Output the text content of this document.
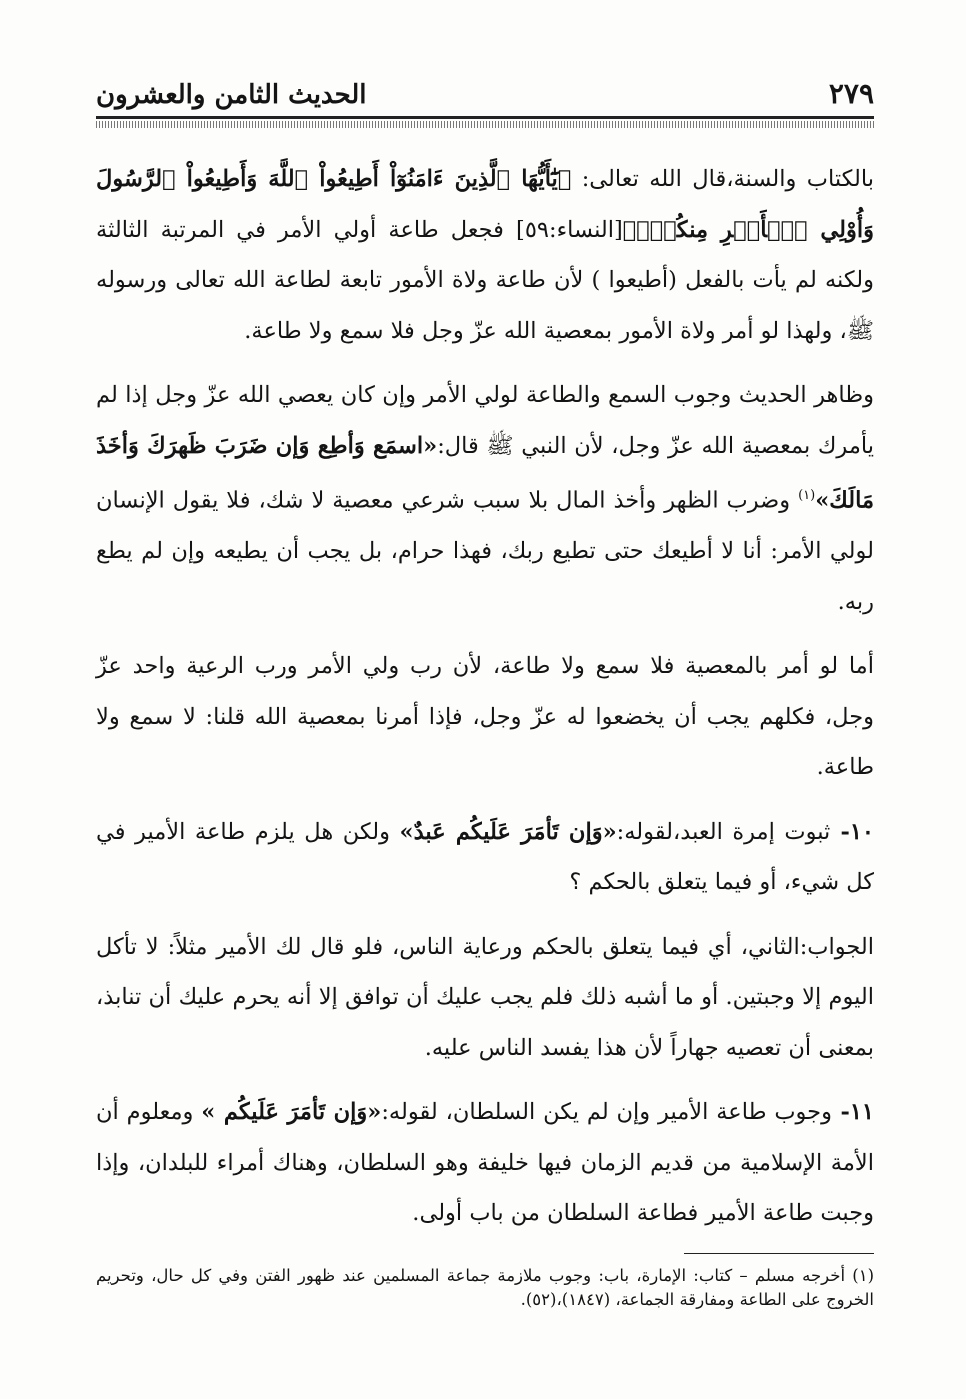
٢٧٩
الحديث الثامن والعشرون

بالكتاب والسنة،قال الله تعالى: ﴿يَٰٓأَيُّهَا ٱلَّذِينَ ءَامَنُوٓاْ أَطِيعُواْ ٱللَّهَ وَأَطِيعُواْ ٱلرَّسُولَ وَأُوْلِي ٱلۡأَمۡرِ مِنكُمۡۖ﴾[النساء:٥٩] فجعل طاعة أولي الأمر في المرتبة الثالثة ولكنه لم يأت بالفعل (أطيعوا ) لأن طاعة ولاة الأمور تابعة لطاعة الله تعالى ورسوله ﷺ، ولهذا لو أمر ولاة الأمور بمعصية الله عزّ وجل فلا سمع ولا طاعة.

وظاهر الحديث وجوب السمع والطاعة لولي الأمر وإن كان يعصي الله عزّ وجل إذا لم يأمرك بمعصية الله عزّ وجل، لأن النبي ﷺ قال:«اسمَع وَأطِع وَإن ضَرَبَ ظَهرَكَ وَأخَذَ مَالَكَ»$^{(١)}$ وضرب الظهر وأخذ المال بلا سبب شرعي معصية لا شك، فلا يقول الإنسان لولي الأمر: أنا لا أطيعك حتى تطيع ربك، فهذا حرام، بل يجب أن يطيعه وإن لم يطع ربه.

أما لو أمر بالمعصية فلا سمع ولا طاعة، لأن رب ولي الأمر ورب الرعية واحد عزّ وجل، فكلهم يجب أن يخضعوا له عزّ وجل، فإذا أمرنا بمعصية الله قلنا: لا سمع ولا طاعة.

١٠- ثبوت إمرة العبد،لقوله:«وَإن تَأمَرَ عَلَيكُم عَبدٌ» ولكن هل يلزم طاعة الأمير في كل شيء، أو فيما يتعلق بالحكم ؟

الجواب:الثاني، أي فيما يتعلق بالحكم ورعاية الناس، فلو قال لك الأمير مثلاً: لا تأكل اليوم إلا وجبتين. أو ما أشبه ذلك فلم يجب عليك أن توافق إلا أنه يحرم عليك أن تنابذ، بمعنى أن تعصيه جهاراً لأن هذا يفسد الناس عليه.

١١- وجوب طاعة الأمير وإن لم يكن السلطان، لقوله:«وَإن تَأمَرَ عَلَيكُم » ومعلوم أن الأمة الإسلامية من قديم الزمان فيها خليفة وهو السلطان، وهناك أمراء للبلدان، وإذا وجبت طاعة الأمير فطاعة السلطان من باب أولى.

(١) أخرجه مسلم – كتاب: الإمارة، باب: وجوب ملازمة جماعة المسلمين عند ظهور الفتن وفي كل حال، وتحريم الخروج على الطاعة ومفارقة الجماعة، (١٨٤٧)،(٥٢).
